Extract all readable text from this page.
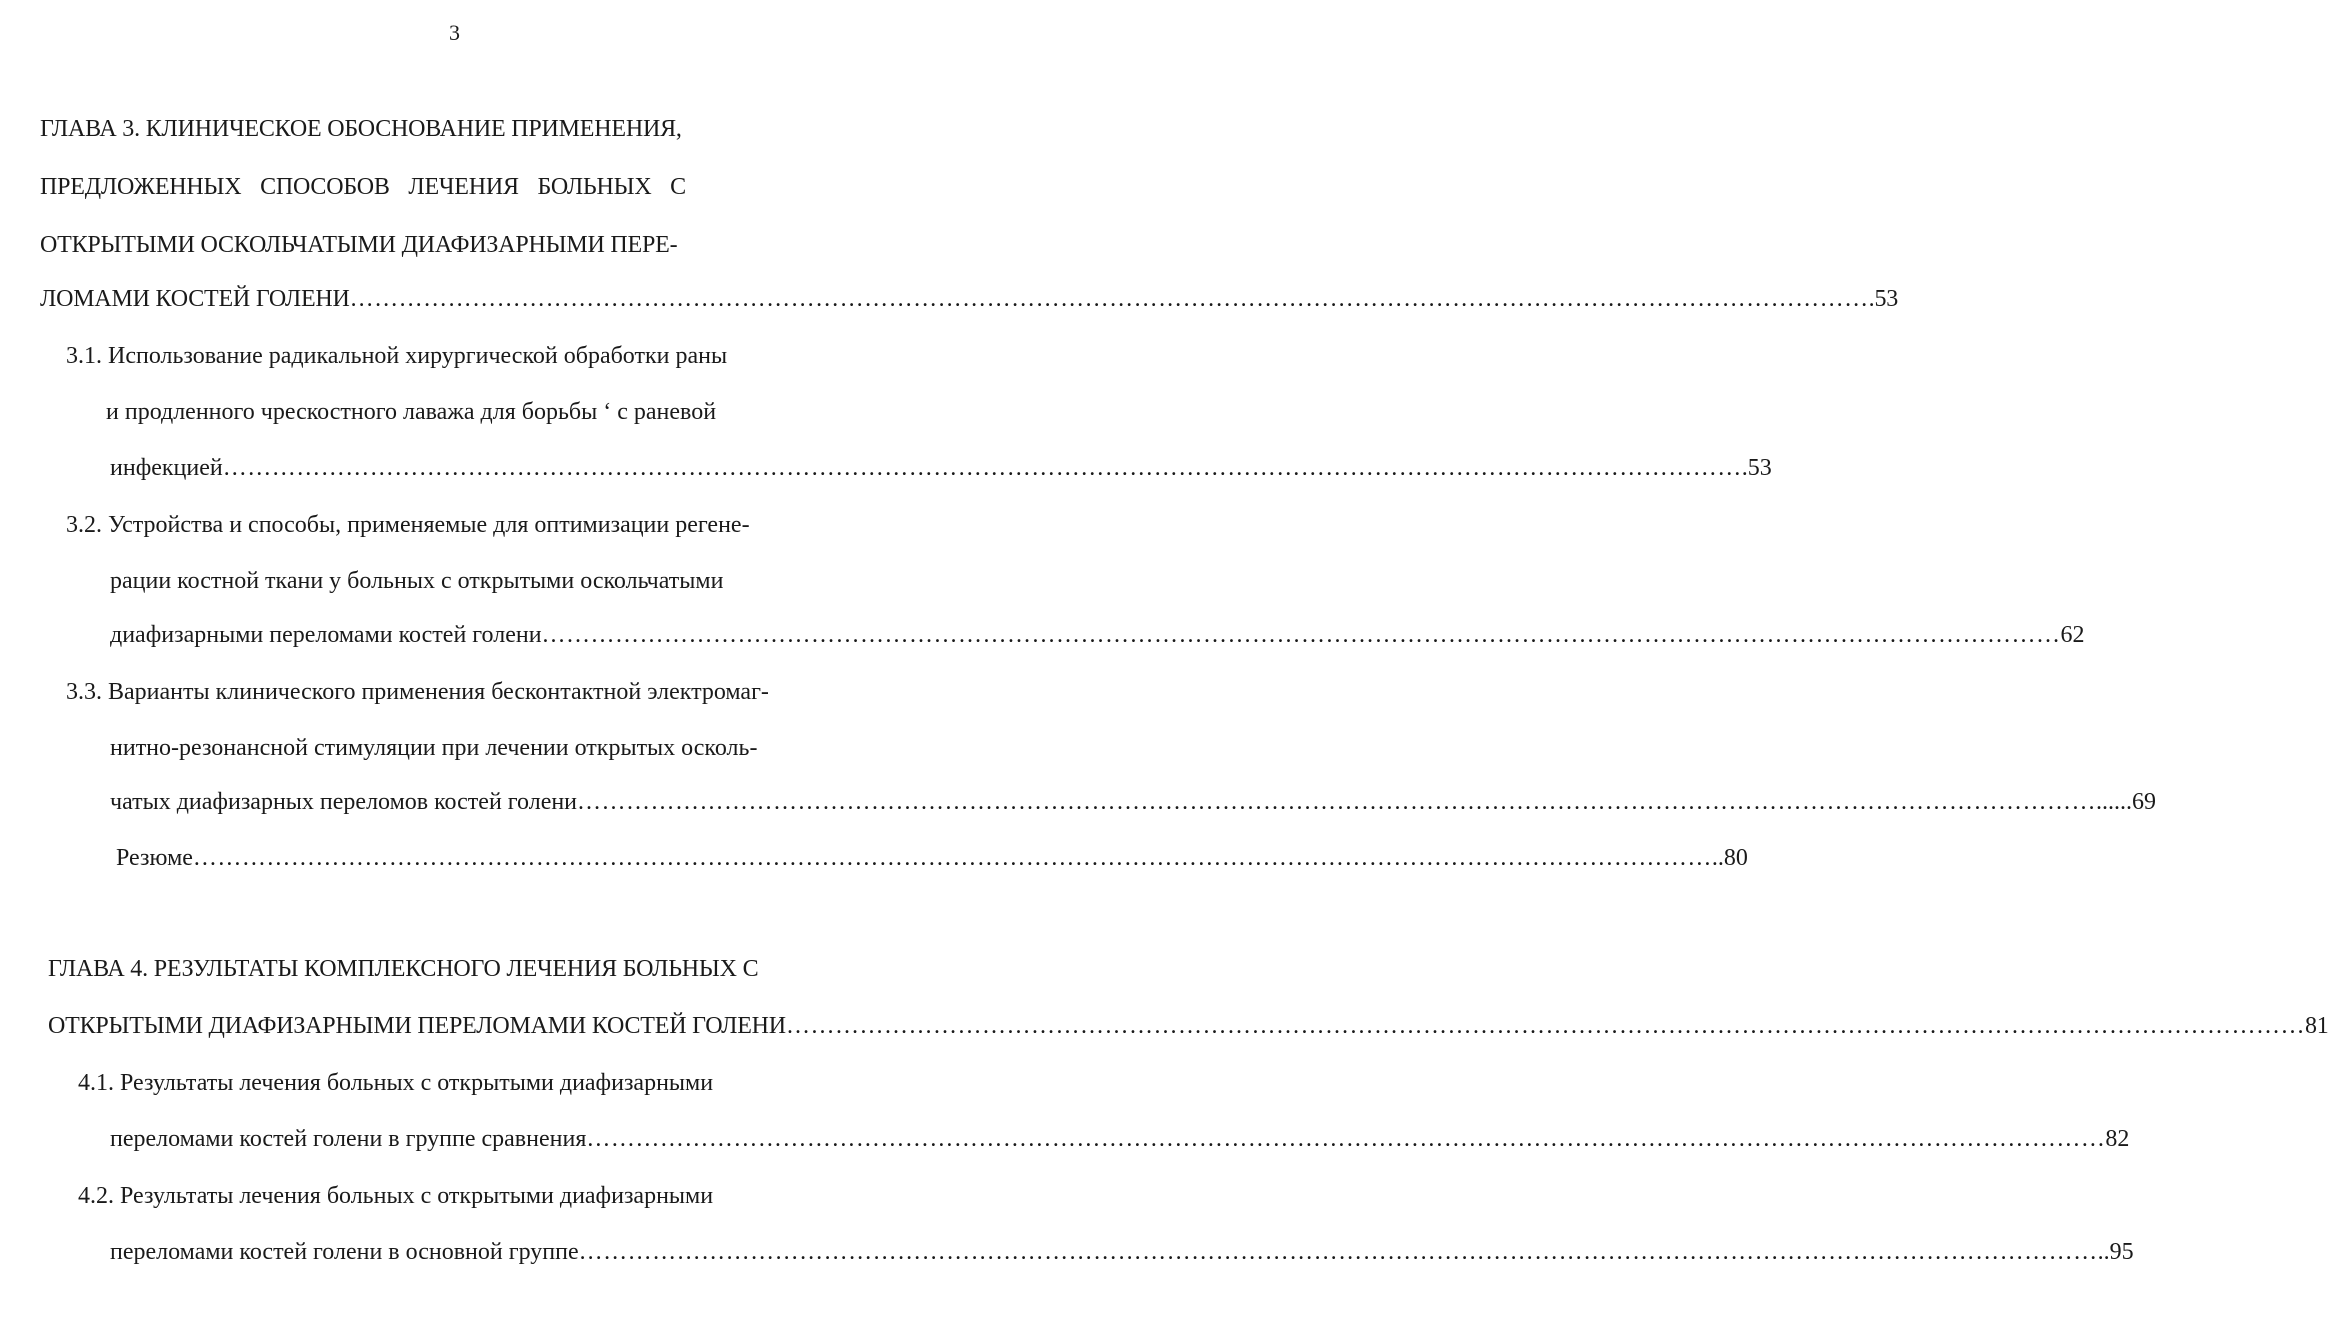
3
ГЛАВА 3. КЛИНИЧЕСКОЕ ОБОСНОВАНИЕ ПРИМЕНЕНИЯ,
ПРЕДЛОЖЕННЫХ СПОСОБОВ ЛЕЧЕНИЯ БОЛЬНЫХ С
ОТКРЫТЫМИ ОСКОЛЬЧАТЫМИ ДИАФИЗАРНЫМИ ПЕРЕ-
ЛОМАМИ КОСТЕЙ ГОЛЕНИ …………………………………………………………………………………………………………………………………………………………………… .53
3.1. Использование радикальной хирургической обработки раны
и продленного чрескостного лаважа для борьбы ‘ с раневой
инфекцией …………………………………………………………………………………………………………………………………………………………………… .53
3.2. Устройства и способы, применяемые для оптимизации регене-
рации костной ткани у больных с открытыми оскольчатыми
диафизарными переломами костей голени …………………………………………………………………………………………………………………………………………………………………… 62
3.3. Варианты клинического применения бесконтактной электромаг-
нитно-резонансной стимуляции при лечении открытых осколь-
чатых диафизарных переломов костей голени …………………………………………………………………………………………………………………………………………………………………… ......69
Резюме …………………………………………………………………………………………………………………………………………………………………… ..80
ГЛАВА 4. РЕЗУЛЬТАТЫ КОМПЛЕКСНОГО ЛЕЧЕНИЯ БОЛЬНЫХ С
ОТКРЫТЫМИ ДИАФИЗАРНЫМИ ПЕРЕЛОМАМИ КОСТЕЙ ГОЛЕНИ …………………………………………………………………………………………………………………………………………………………………… 81
4.1. Результаты лечения больных с открытыми диафизарными
переломами костей голени в группе сравнения …………………………………………………………………………………………………………………………………………………………………… 82
4.2. Результаты лечения больных с открытыми диафизарными
переломами костей голени в основной группе …………………………………………………………………………………………………………………………………………………………………… ..95
